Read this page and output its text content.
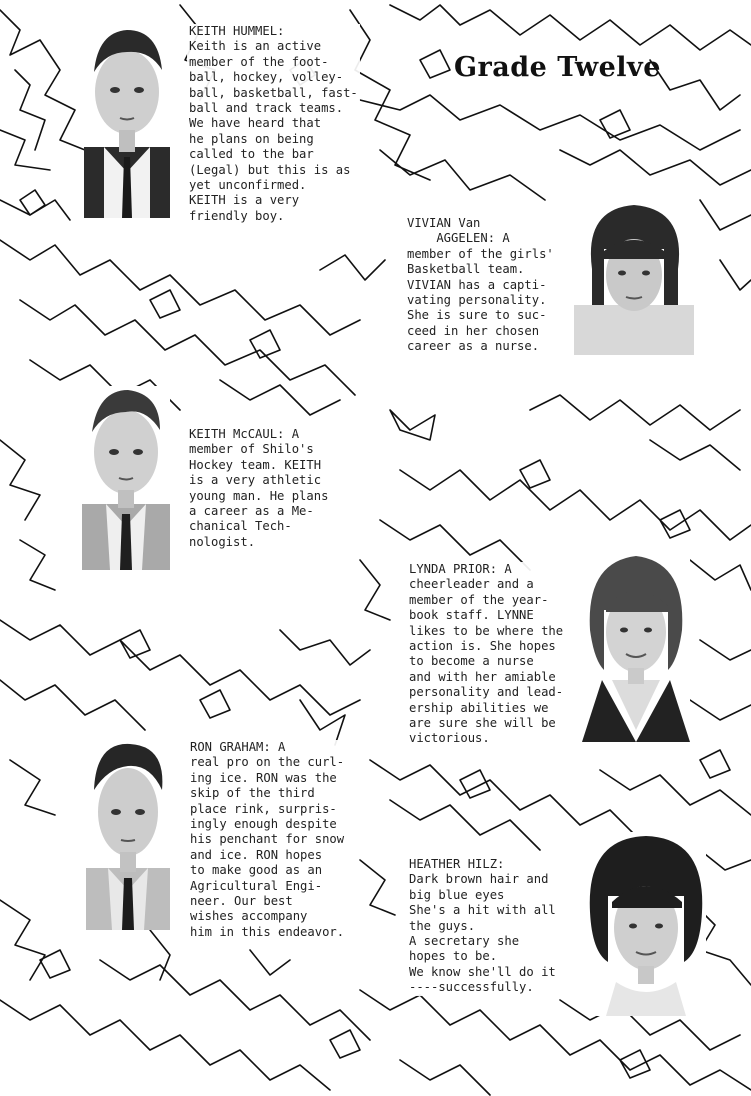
Grade Twelve
KEITH HUMMEL:
Keith is an active
member of the foot-
ball, hockey, volley-
ball, basketball, fast-
ball and track teams.
We have heard that
he plans on being
called to the bar
(Legal) but this is as
yet unconfirmed.
KEITH is a very
friendly boy.
VIVIAN Van
AGGELEN: A
member of the girls'
Basketball team.
VIVIAN has a capti-
vating personality.
She is sure to suc-
ceed in her chosen
career as a nurse.
KEITH McCAUL: A
member of Shilo's
Hockey team. KEITH
is a very athletic
young man. He plans
a career as a Me-
chanical Tech-
nologist.
LYNDA PRIOR: A
cheerleader and a
member of the year-
book staff. LYNNE
likes to be where the
action is. She hopes
to become a nurse
and with her amiable
personality and lead-
ership abilities we
are sure she will be
victorious.
RON GRAHAM: A
real pro on the curl-
ing ice. RON was the
skip of the third
place rink, surpris-
ingly enough despite
his penchant for snow
and ice. RON hopes
to make good as an
Agricultural Engi-
neer. Our best
wishes accompany
him in this endeavor.
HEATHER HILZ:
Dark brown hair and
big blue eyes
She's a hit with all
the guys.
A secretary she
hopes to be.
We know she'll do it
----successfully.
